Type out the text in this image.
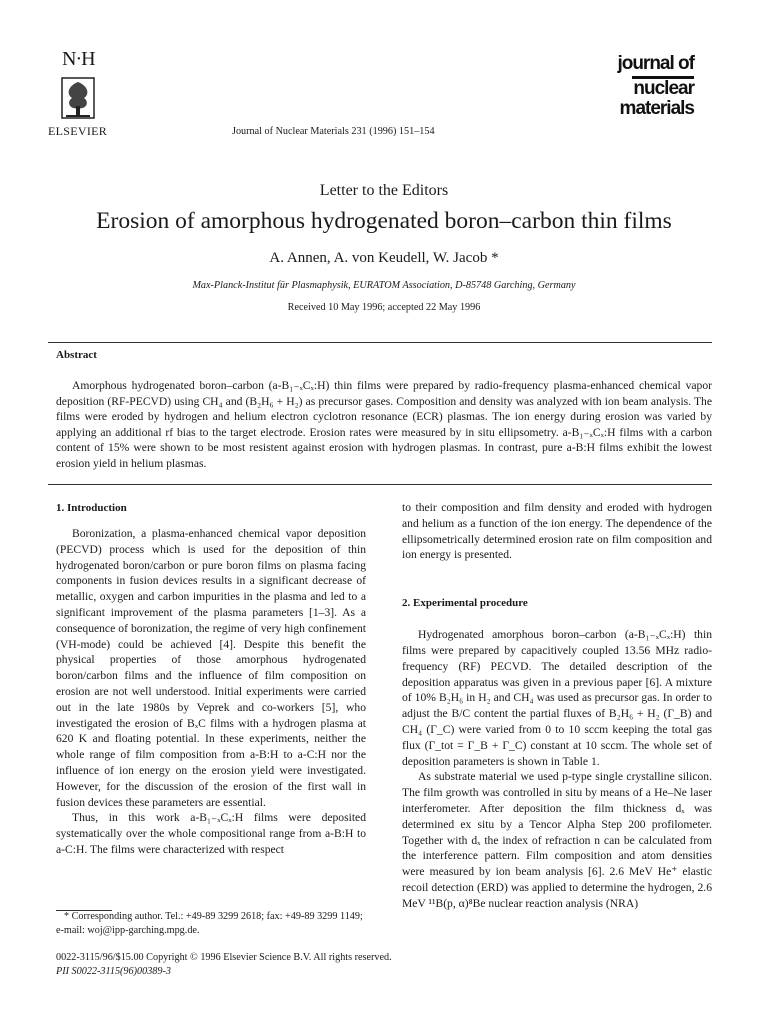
N·H
ELSEVIER	Journal of Nuclear Materials 231 (1996) 151–154
journal of
nuclear
materials
Letter to the Editors
Erosion of amorphous hydrogenated boron–carbon thin films
A. Annen, A. von Keudell, W. Jacob *
Max-Planck-Institut für Plasmaphysik, EURATOM Association, D-85748 Garching, Germany
Received 10 May 1996; accepted 22 May 1996
Abstract

Amorphous hydrogenated boron–carbon (a-B₁₋ₓCₓ:H) thin films were prepared by radio-frequency plasma-enhanced chemical vapor deposition (RF-PECVD) using CH₄ and (B₂H₆ + H₂) as precursor gases. Composition and density was analyzed with ion beam analysis. The films were eroded by hydrogen and helium electron cyclotron resonance (ECR) plasmas. The ion energy during erosion was varied by applying an additional rf bias to the target electrode. Erosion rates were measured by in situ ellipsometry. a-B₁₋ₓCₓ:H films with a carbon content of 15% were shown to be most resistent against erosion with hydrogen plasmas. In contrast, pure a-B:H films exhibit the lowest erosion yield in helium plasmas.

1. Introduction

Boronization, a plasma-enhanced chemical vapor deposition (PECVD) process which is used for the deposition of thin hydrogenated boron/carbon or pure boron films on plasma facing components in fusion devices results in a significant decrease of metallic, oxygen and carbon impurities in the plasma and led to a significant improvement of the plasma parameters [1–3]. As a consequence of boronization, the regime of very high confinement (VH-mode) could be achieved [4]. Despite this benefit the physical properties of those amorphous hydrogenated boron/carbon films and the influence of film composition on erosion are not well understood. Initial experiments were carried out in the late 1980s by Veprek and co-workers [5], who investigated the erosion of BₓC films with a hydrogen plasma at 620 K and floating potential. In these experiments, neither the whole range of film composition from a-B:H to a-C:H nor the influence of ion energy on the erosion yield were investigated. However, for the discussion of the erosion of the first wall in fusion devices these parameters are essential.

Thus, in this work a-B₁₋ₓCₓ:H films were deposited systematically over the whole compositional range from a-B:H to a-C:H. The films were characterized with respect

* Corresponding author. Tel.: +49-89 3299 2618; fax: +49-89 3299 1149; e-mail: woj@ipp-garching.mpg.de.

to their composition and film density and eroded with hydrogen and helium as a function of the ion energy. The dependence of the ellipsometrically determined erosion rate on film composition and ion energy is presented.

2. Experimental procedure

Hydrogenated amorphous boron–carbon (a-B₁₋ₓCₓ:H) thin films were prepared by capacitively coupled 13.56 MHz radio-frequency (RF) PECVD. The detailed description of the deposition apparatus was given in a previous paper [6]. A mixture of 10% B₂H₆ in H₂ and CH₄ was used as precursor gas. In order to adjust the B/C content the partial fluxes of B₂H₆ + H₂ (Γ_B) and CH₄ (Γ_C) were varied from 0 to 10 sccm keeping the total gas flux (Γ_tot = Γ_B + Γ_C) constant at 10 sccm. The whole set of deposition parameters is shown in Table 1.

As substrate material we used p-type single crystalline silicon. The film growth was controlled in situ by means of a He–Ne laser interferometer. After deposition the film thickness dₓ was determined ex situ by a Tencor Alpha Step 200 profilometer. Together with dₓ the index of refraction n can be calculated from the interference pattern. Film composition and atom densities were measured by ion beam analysis [6]. 2.6 MeV He⁺ elastic recoil detection (ERD) was applied to determine the hydrogen, 2.6 MeV ¹¹B(p, α)⁸Be nuclear reaction analysis (NRA)

0022-3115/96/$15.00 Copyright © 1996 Elsevier Science B.V. All rights reserved.
PII S0022-3115(96)00389-3
